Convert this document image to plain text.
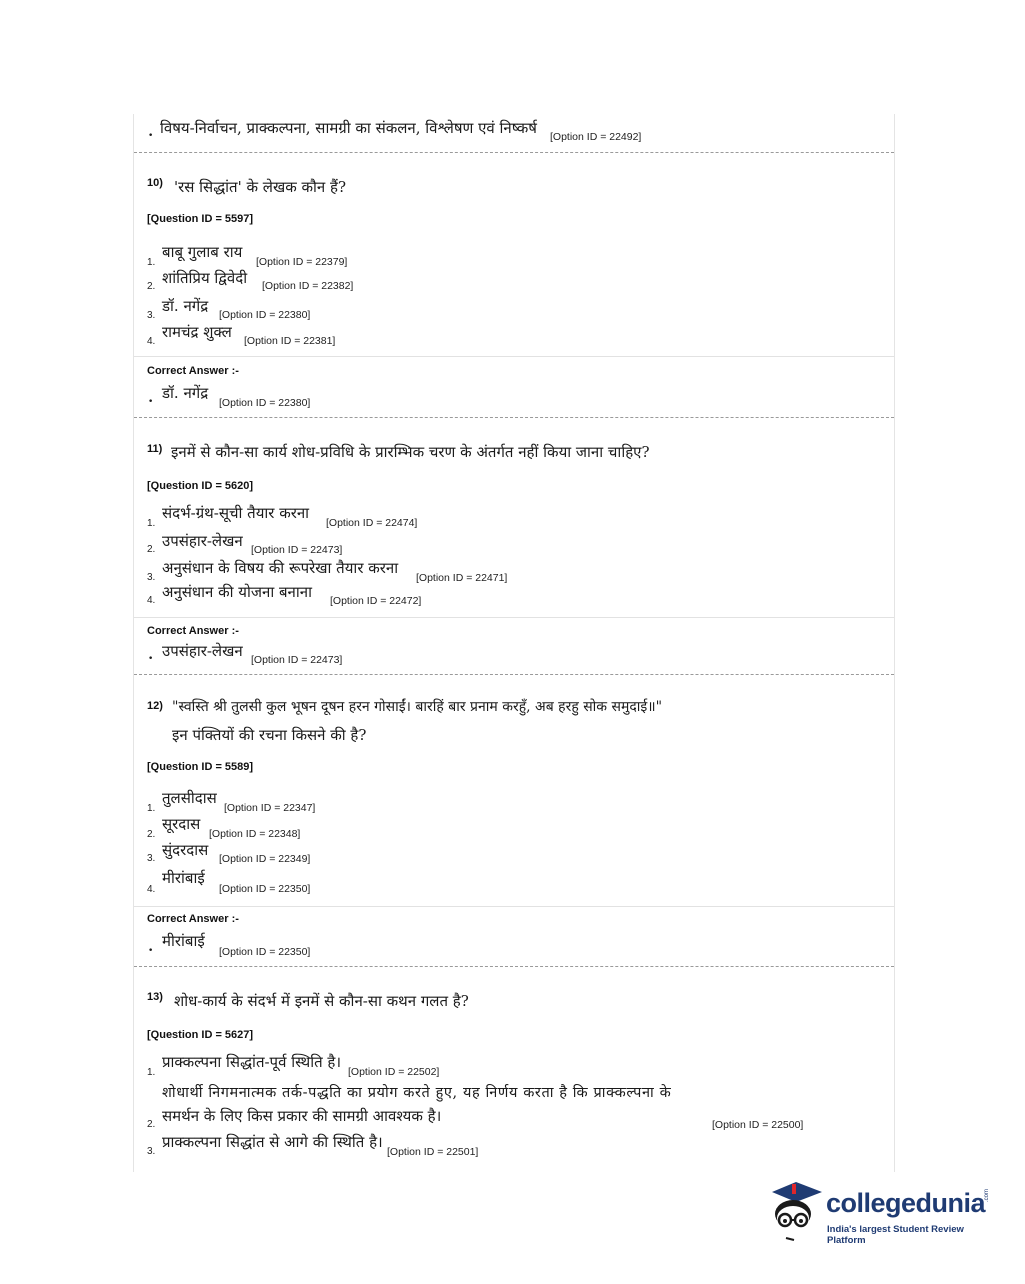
• विषय-निर्वाचन, प्राक्कल्पना, सामग्री का संकलन, विश्लेषण एवं निष्कर्ष [Option ID = 22492]
10) 'रस सिद्धांत' के लेखक कौन हैं?
[Question ID = 5597]
1.
बाबू गुलाब राय
[Option ID = 22379]
2. शांतिप्रिय द्विवेदी [Option ID = 22382]
3.
डॉ. नगेंद्र [Option ID = 22380]
4.
रामचंद्र शुक्ल [Option ID = 22381]
Correct Answer :-
• डॉ. नगेंद्र
[Option ID = 22380]
11) इनमें से कौन-सा कार्य शोध-प्रविधि के प्रारम्भिक चरण के अंतर्गत नहीं किया जाना चाहिए?
[Question ID = 5620]
1.
संदर्भ-ग्रंथ-सूची तैयार करना
[Option ID = 22474]
2. उपसंहार-लेखन [Option ID = 22473]
3.
अनुसंधान के विषय की रूपरेखा तैयार करना
[Option ID = 22471]
4. अनुसंधान की योजना बनाना [Option ID = 22472]
Correct Answer :-
• उपसंहार-लेखन [Option ID = 22473]
12) "स्वस्ति श्री तुलसी कुल भूषन दूषन हरन गोसाईं। बारहिं बार प्रनाम करहुँ, अब हरहु सोक समुदाई॥"
इन पंक्तियों की रचना किसने की है?
[Question ID = 5589]
1.
तुलसीदास
[Option ID = 22347]
2.
सूरदास
[Option ID = 22348]
3. सुंदरदास [Option ID = 22349]
4.
मीरांबाई
[Option ID = 22350]
Correct Answer :-
•
मीरांबाई
[Option ID = 22350]
13) शोध-कार्य के संदर्भ में इनमें से कौन-सा कथन गलत है?
[Question ID = 5627]
1.
प्राक्कल्पना सिद्धांत-पूर्व स्थिति है।
[Option ID = 22502]
शोधार्थी निगमनात्मक तर्क-पद्धति का प्रयोग करते हुए, यह निर्णय करता है कि प्राक्कल्पना के
2. समर्थन के लिए किस प्रकार की सामग्री आवश्यक है।	[Option ID = 22500]
3.
प्राक्कल्पना सिद्धांत से आगे की स्थिति है।
[Option ID = 22501]
collegedunia
.com
India's largest Student Review Platform
